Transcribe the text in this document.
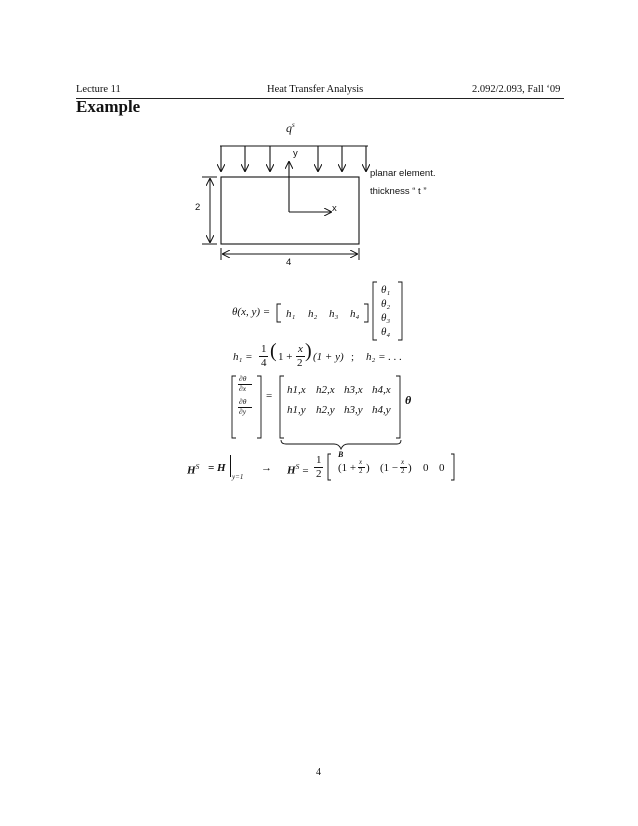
Lecture 11	Heat Transfer Analysis	2.092/2.093, Fall ‘09
Example
$q^s$
y
x
planar element.
thickness “ t ”
2
4
θ(x, y) = h₁ h₂ h₃ h₄
θ₁
θ₂
θ₃
θ₄
h₁ =
1
4
( 1 +
x
2
) (1 + y) ; h₂ = . . .
∂θ
∂x
∂θ
∂y
= h1,x h2,x h3,x h4,x
h1,y h2,y h3,y h4,y
θ
B
$H^S = H$
y=1
→ $H^S$ =
1
2 (1 + x
2 ) (1 − x
2 ) 0 0
4
